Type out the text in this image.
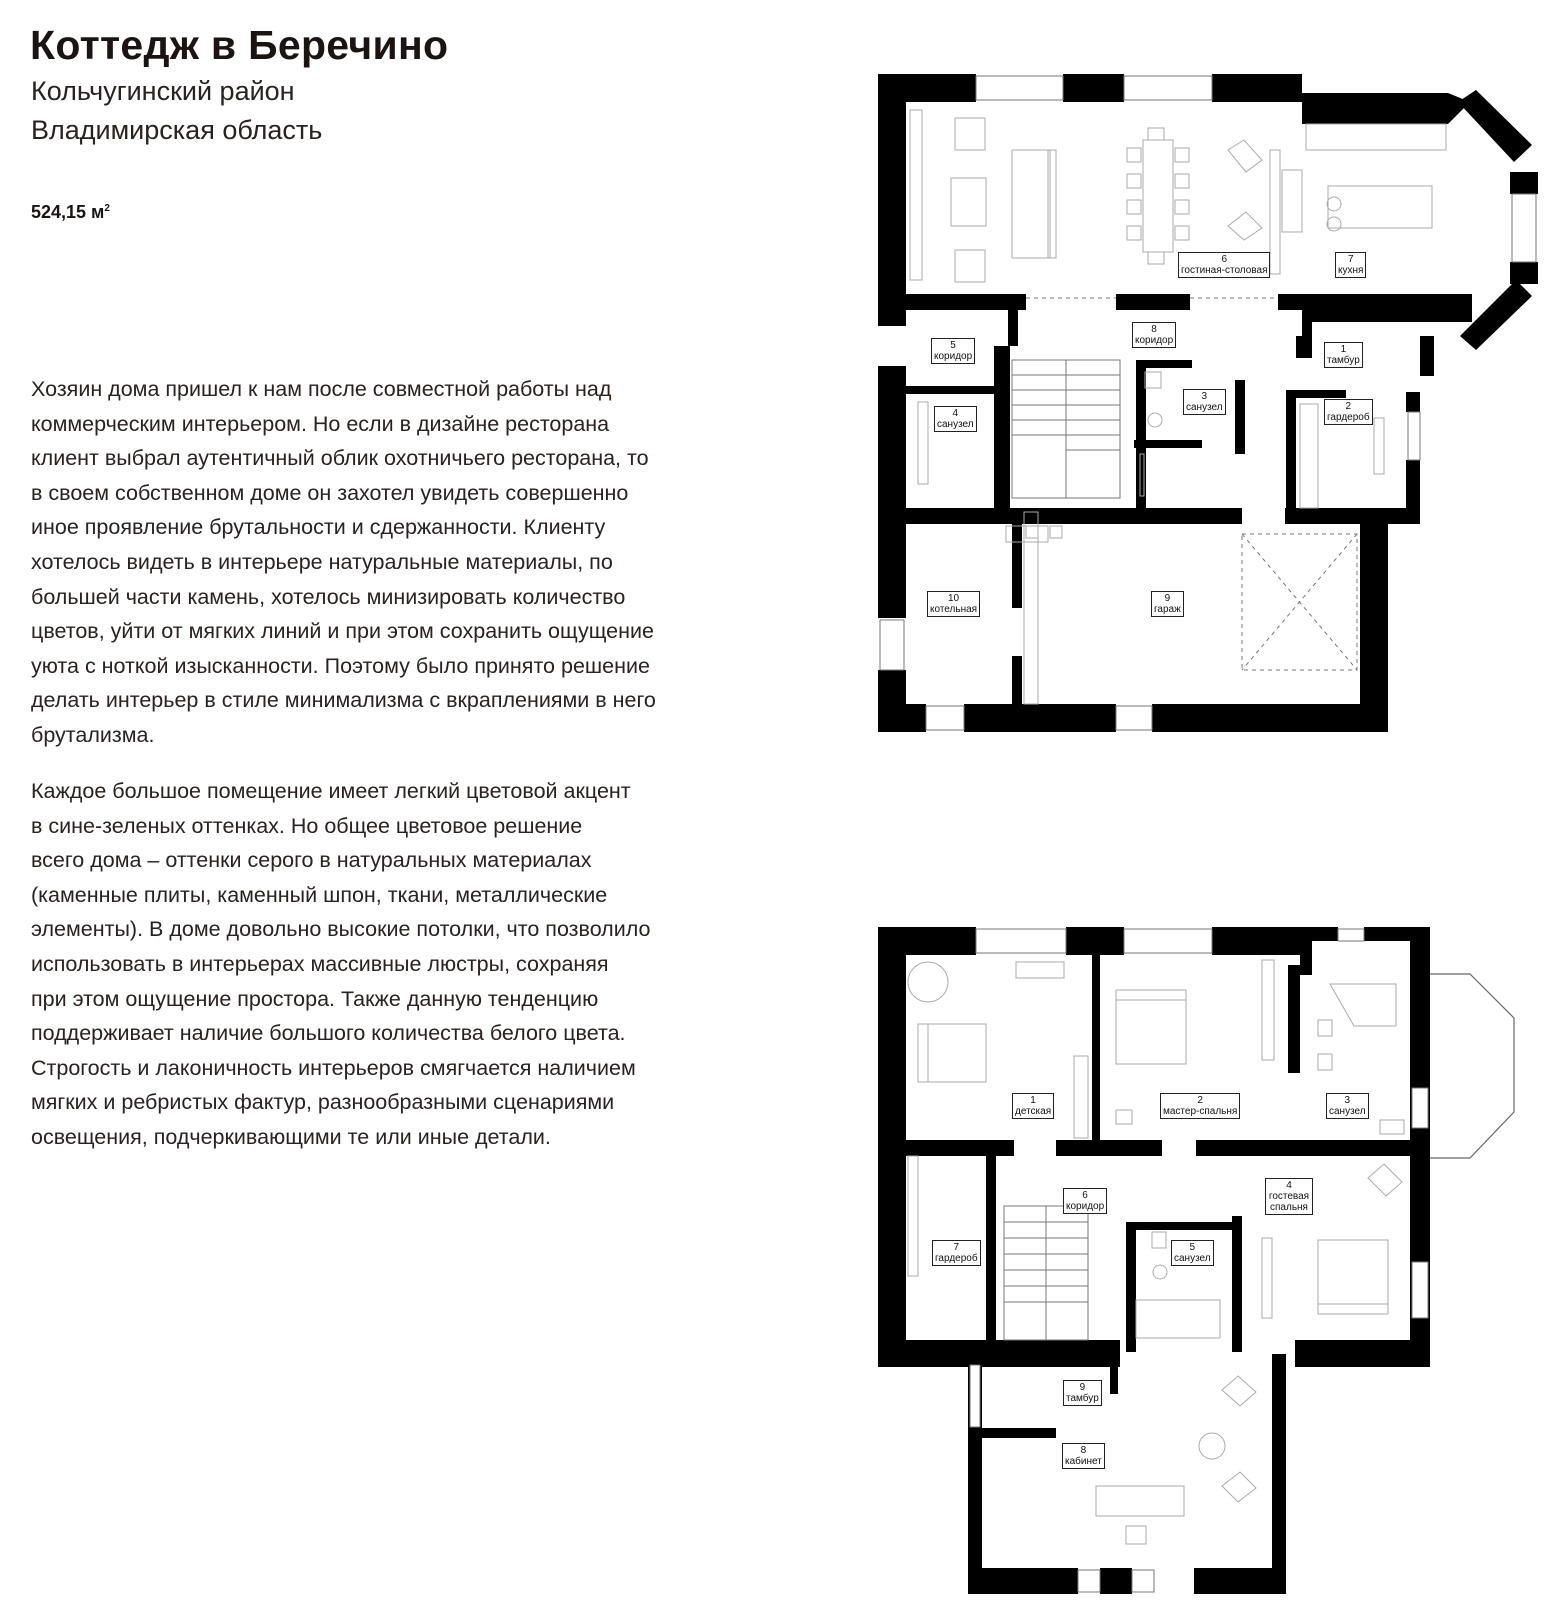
Коттедж в Беречино
Кольчугинский район
Владимирская область
524,15 $м^2$
Хозяин дома пришел к нам после совместной работы над
коммерческим интерьером. Но если в дизайне ресторана
клиент выбрал аутентичный облик охотничьего ресторана, то
в своем собственном доме он захотел увидеть совершенно
иное проявление брутальности и сдержанности. Клиенту
хотелось видеть в интерьере натуральные материалы, по
большей части камень, хотелось минизировать количество
цветов, уйти от мягких линий и при этом сохранить ощущение
уюта с ноткой изысканности. Поэтому было принято решение
делать интерьер в стиле минимализма с вкраплениями в него
брутализма.
Каждое большое помещение имеет легкий цветовой акцент
в сине-зеленых оттенках. Но общее цветовое решение
всего дома – оттенки серого в натуральных материалах
(каменные плиты, каменный шпон, ткани, металлические
элементы). В доме довольно высокие потолки, что позволило
использовать в интерьерах массивные люстры, сохраняя
при этом ощущение простора. Также данную тенденцию
поддерживает наличие большого количества белого цвета.
Строгость и лаконичность интерьеров смягчается наличием
мягких и ребристых фактур, разнообразными сценариями
освещения, подчеркивающими те или иные детали.
1
тамбур
2
гардероб
3
санузел
4
санузел
5
коридор
6
гостиная-столовая
7
кухня
8
коридор
9
гараж
10
котельная
1
детская
2
мастер-спальня
3
санузел
4
гостевая спальня
5
санузел
6
коридор
7
гардероб
8
кабинет
9
тамбур
